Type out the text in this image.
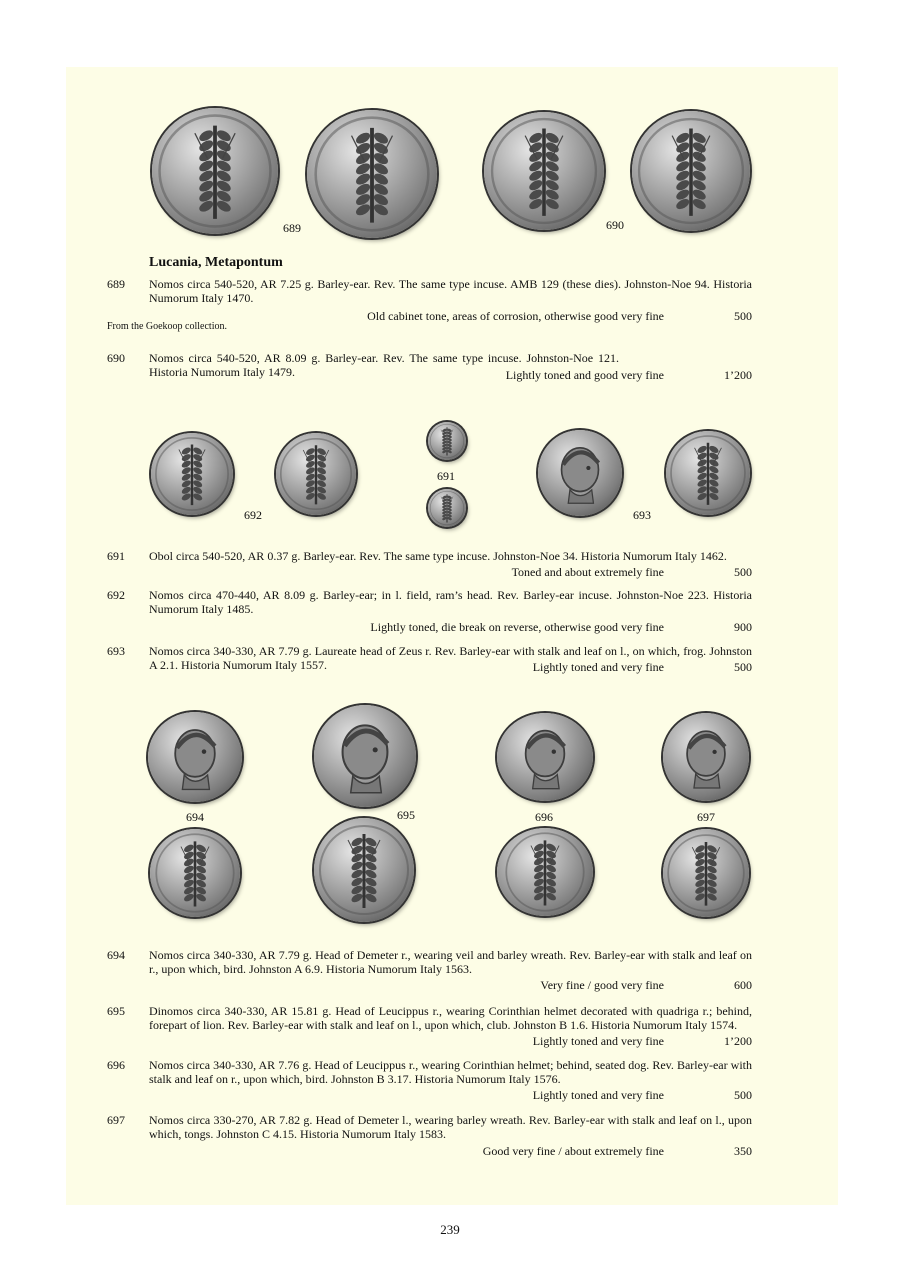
689	690
Lucania, Metapontum
689	Nomos circa 540-520, AR 7.25 g. Barley-ear. Rev. The same type incuse. AMB 129 (these dies). Johnston-Noe 94. Historia Numorum Italy 1470.
Old cabinet tone, areas of corrosion, otherwise good very fine	500
From the Goekoop collection.
690	Nomos circa 540-520, AR 8.09 g. Barley-ear. Rev. The same type incuse. Johnston-Noe 121. Historia Numorum Italy 1479.	Lightly toned and good very fine	1’200
691
692	693
691	Obol circa 540-520, AR 0.37 g. Barley-ear. Rev. The same type incuse. Johnston-Noe 34. Historia Numorum Italy 1462.
Toned and about extremely fine	500
692	Nomos circa 470-440, AR 8.09 g. Barley-ear; in l. field, ram’s head. Rev. Barley-ear incuse. Johnston-Noe 223. Historia Numorum Italy 1485.
Lightly toned, die break on reverse, otherwise good very fine	900
693	Nomos circa 340-330, AR 7.79 g. Laureate head of Zeus r. Rev. Barley-ear with stalk and leaf on l., on which, frog. Johnston A 2.1. Historia Numorum Italy 1557.	Lightly toned and very fine	500
694	695	696	697
694	Nomos circa 340-330, AR 7.79 g. Head of Demeter r., wearing veil and barley wreath. Rev. Barley-ear with stalk and leaf on r., upon which, bird. Johnston A 6.9. Historia Numorum Italy 1563.
Very fine / good very fine	600
695	Dinomos circa 340-330, AR 15.81 g. Head of Leucippus r., wearing Corinthian helmet decorated with quadriga r.; behind, forepart of lion. Rev. Barley-ear with stalk and leaf on l., upon which, club. Johnston B 1.6. Historia Numorum Italy 1574.
Lightly toned and very fine	1’200
696	Nomos circa 340-330, AR 7.76 g. Head of Leucippus r., wearing Corinthian helmet; behind, seated dog. Rev. Barley-ear with stalk and leaf on r., upon which, bird. Johnston B 3.17. Historia Numorum Italy 1576.
Lightly toned and very fine	500
697	Nomos circa 330-270, AR 7.82 g. Head of Demeter l., wearing barley wreath. Rev. Barley-ear with stalk and leaf on l., upon which, tongs. Johnston C 4.15. Historia Numorum Italy 1583.
Good very fine / about extremely fine	350
239
